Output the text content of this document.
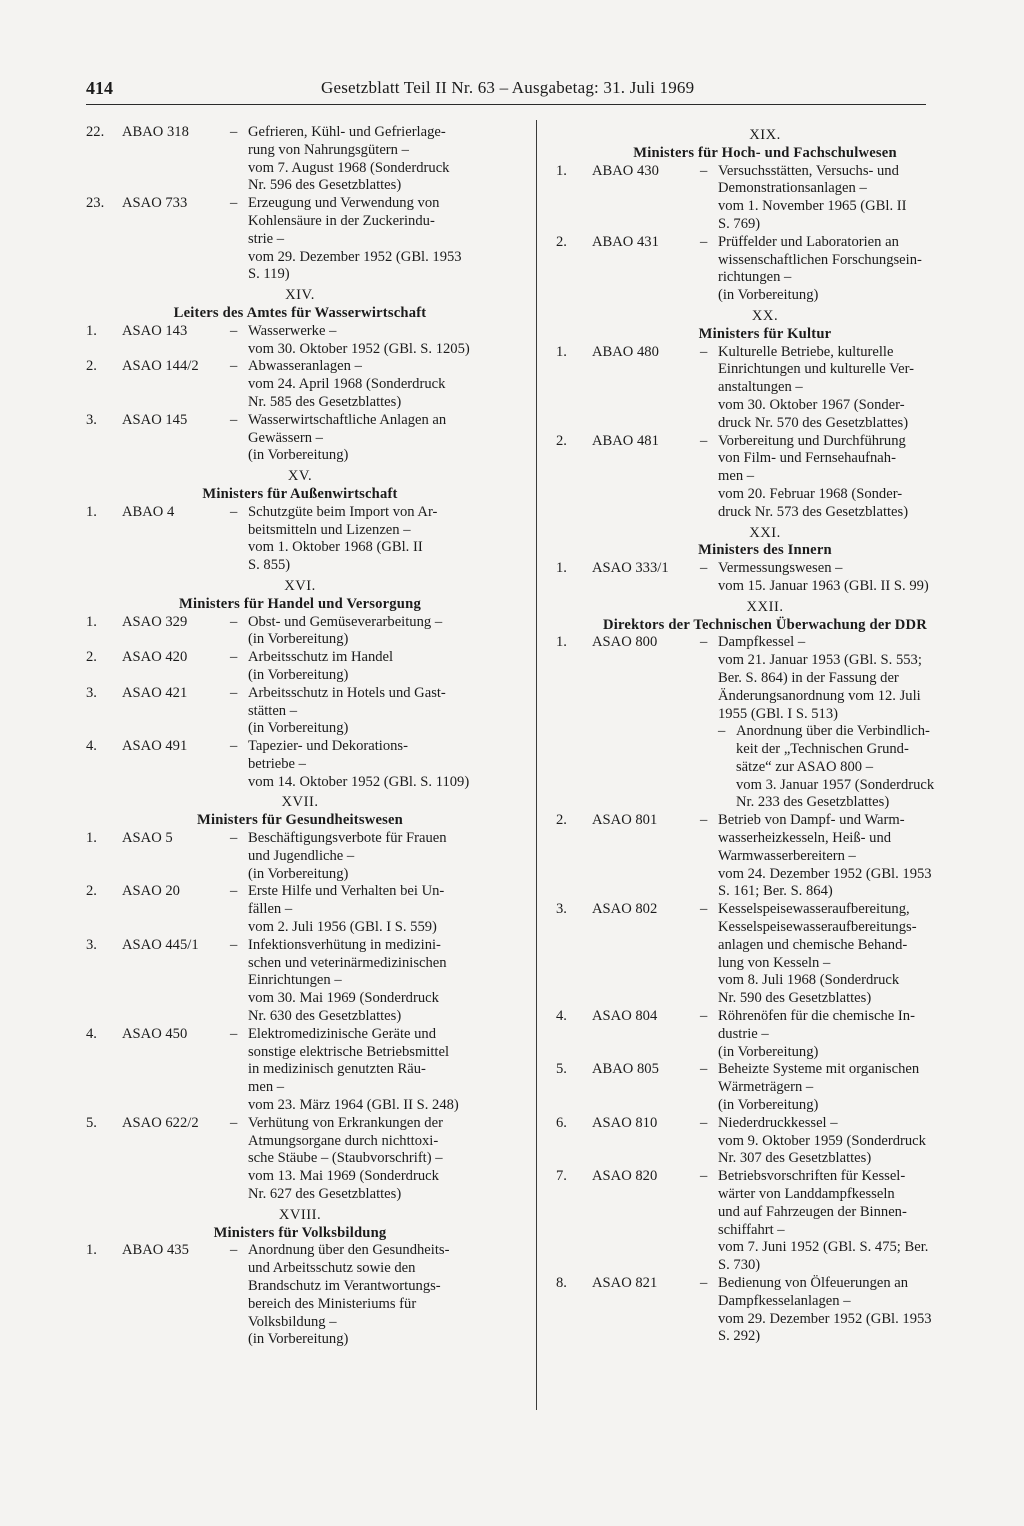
414	Gesetzblatt Teil II Nr. 63 – Ausgabetag: 31. Juli 1969
22.	ABAO 318	– Gefrieren, Kühl- und Gefrierlage-
rung von Nahrungsgütern –
vom 7. August 1968 (Sonderdruck
Nr. 596 des Gesetzblattes)
23.	ASAO 733	– Erzeugung und Verwendung von
Kohlensäure in der Zuckerindu-
strie –
vom 29. Dezember 1952 (GBl. 1953
S. 119)
XIV.
Leiters des Amtes für Wasserwirtschaft
1.	ASAO 143	– Wasserwerke –
vom 30. Oktober 1952 (GBl. S. 1205)
2.	ASAO 144/2	– Abwasseranlagen –
vom 24. April 1968 (Sonderdruck
Nr. 585 des Gesetzblattes)
3.	ASAO 145	– Wasserwirtschaftliche Anlagen an
Gewässern –
(in Vorbereitung)
XV.
Ministers für Außenwirtschaft
1.	ABAO 4	– Schutzgüte beim Import von Ar-
beitsmitteln und Lizenzen –
vom 1. Oktober 1968 (GBl. II
S. 855)
XVI.
Ministers für Handel und Versorgung
1.	ASAO 329	– Obst- und Gemüseverarbeitung –
(in Vorbereitung)
2.	ASAO 420	– Arbeitsschutz im Handel
(in Vorbereitung)
3.	ASAO 421	– Arbeitsschutz in Hotels und Gast-
stätten –
(in Vorbereitung)
4.	ASAO 491	– Tapezier- und Dekorations-
betriebe –
vom 14. Oktober 1952 (GBl. S. 1109)
XVII.
Ministers für Gesundheitswesen
1.	ASAO 5	– Beschäftigungsverbote für Frauen
und Jugendliche –
(in Vorbereitung)
2.	ASAO 20	– Erste Hilfe und Verhalten bei Un-
fällen –
vom 2. Juli 1956 (GBl. I S. 559)
3.	ASAO 445/1	– Infektionsverhütung in medizini-
schen und veterinärmedizinischen
Einrichtungen –
vom 30. Mai 1969 (Sonderdruck
Nr. 630 des Gesetzblattes)
4.	ASAO 450	– Elektromedizinische Geräte und
sonstige elektrische Betriebsmittel
in medizinisch genutzten Räu-
men –
vom 23. März 1964 (GBl. II S. 248)
5.	ASAO 622/2	– Verhütung von Erkrankungen der
Atmungsorgane durch nichttoxi-
sche Stäube – (Staubvorschrift) –
vom 13. Mai 1969 (Sonderdruck
Nr. 627 des Gesetzblattes)
XVIII.
Ministers für Volksbildung
1.	ABAO 435	– Anordnung über den Gesundheits-
und Arbeitsschutz sowie den
Brandschutz im Verantwortungs-
bereich des Ministeriums für
Volksbildung –
(in Vorbereitung)
XIX.
Ministers für Hoch- und Fachschulwesen
1.	ABAO 430	– Versuchsstätten, Versuchs- und
Demonstrationsanlagen –
vom 1. November 1965 (GBl. II
S. 769)
2.	ABAO 431	– Prüffelder und Laboratorien an
wissenschaftlichen Forschungsein-
richtungen –
(in Vorbereitung)
XX.
Ministers für Kultur
1.	ABAO 480	– Kulturelle Betriebe, kulturelle
Einrichtungen und kulturelle Ver-
anstaltungen –
vom 30. Oktober 1967 (Sonder-
druck Nr. 570 des Gesetzblattes)
2.	ABAO 481	– Vorbereitung und Durchführung
von Film- und Fernsehaufnah-
men –
vom 20. Februar 1968 (Sonder-
druck Nr. 573 des Gesetzblattes)
XXI.
Ministers des Innern
1.	ASAO 333/1	– Vermessungswesen –
vom 15. Januar 1963 (GBl. II S. 99)
XXII.
Direktors der Technischen Überwachung der DDR
1.	ASAO 800	– Dampfkessel –
vom 21. Januar 1953 (GBl. S. 553;
Ber. S. 864) in der Fassung der
Änderungsanordnung vom 12. Juli
1955 (GBl. I S. 513)
– Anordnung über die Verbindlich-
keit der „Technischen Grund-
sätze“ zur ASAO 800 –
vom 3. Januar 1957 (Sonderdruck
Nr. 233 des Gesetzblattes)
2.	ASAO 801	– Betrieb von Dampf- und Warm-
wasserheizkesseln, Heiß- und
Warmwasserbereitern –
vom 24. Dezember 1952 (GBl. 1953
S. 161; Ber. S. 864)
3.	ASAO 802	– Kesselspeisewasseraufbereitung,
Kesselspeisewasseraufbereitungs-
anlagen und chemische Behand-
lung von Kesseln –
vom 8. Juli 1968 (Sonderdruck
Nr. 590 des Gesetzblattes)
4.	ASAO 804	– Röhrenöfen für die chemische In-
dustrie –
(in Vorbereitung)
5.	ABAO 805	– Beheizte Systeme mit organischen
Wärmeträgern –
(in Vorbereitung)
6.	ASAO 810	– Niederdruckkessel –
vom 9. Oktober 1959 (Sonderdruck
Nr. 307 des Gesetzblattes)
7.	ASAO 820	– Betriebsvorschriften für Kessel-
wärter von Landdampfkesseln
und auf Fahrzeugen der Binnen-
schiffahrt –
vom 7. Juni 1952 (GBl. S. 475; Ber.
S. 730)
8.	ASAO 821	– Bedienung von Ölfeuerungen an
Dampfkesselanlagen –
vom 29. Dezember 1952 (GBl. 1953
S. 292)
